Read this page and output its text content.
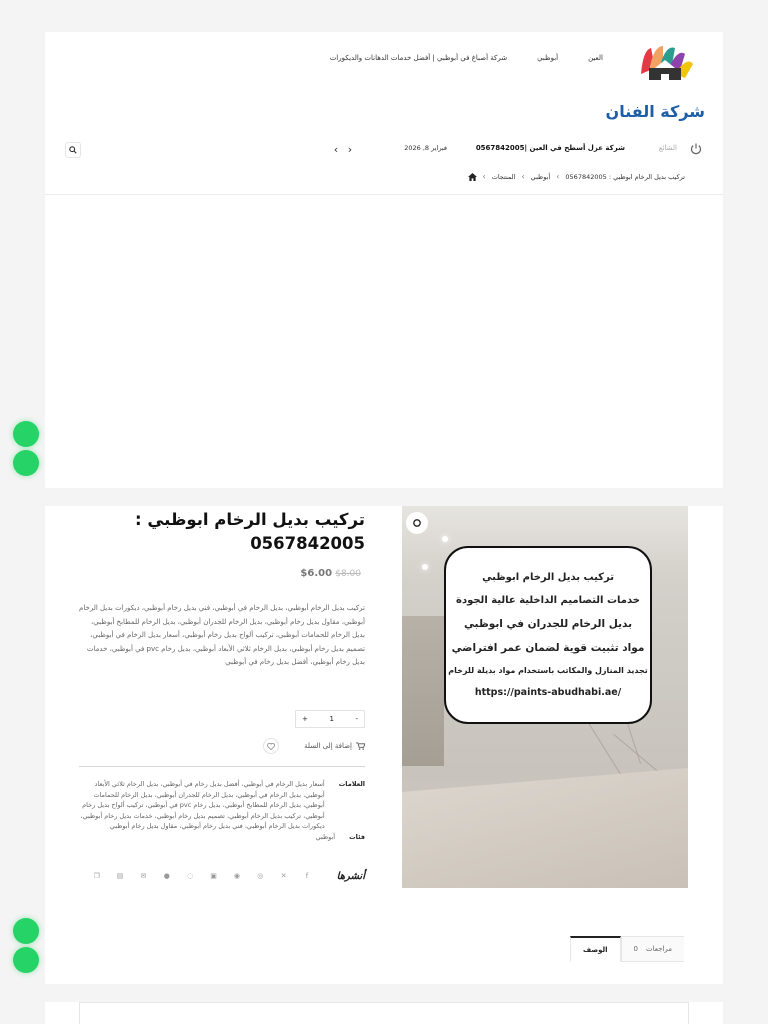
شركة الفنان
شركة أصباغ في أبوظبي | أفضل خدمات الدهانات والديكورات	أبوظبي	العين
‹ ›	فبراير 8, 2026	شركة عزل أسطح في العين |0567842005	الشائع
› المنتجات › أبوظبي › تركيب بديل الرخام ابوظبي : 0567842005
تركيب بديل الرخام ابوظبي
خدمات التصاميم الداخلية عالية الجودة
بديل الرخام للجدران في ابوظبي
مواد تثبيت قوية لضمان عمر افتراضي
تجديد المنازل والمكاتب باستخدام مواد بديلة للرخام
https://paints-abudhabi.ae/
تركيب بديل الرخام ابوظبي : 0567842005
$6.00 $8.00

تركيب بديل الرخام أبوظبي، بديل الرخام في أبوظبي، فني بديل رخام أبوظبي، ديكورات بديل الرخام أبوظبي، مقاول بديل رخام أبوظبي، بديل الرخام للجدران أبوظبي، بديل الرخام للمطابخ أبوظبي، بديل الرخام للحمامات أبوظبي، تركيب ألواح بديل رخام أبوظبي، أسعار بديل الرخام في أبوظبي، تصميم بديل رخام أبوظبي، بديل الرخام ثلاثي الأبعاد أبوظبي، بديل رخام pvc في أبوظبي، خدمات بديل رخام أبوظبي، أفضل بديل رخام في أبوظبي

+	1	-
إضافة إلى السلة
العلامات
أسعار بديل الرخام في أبوظبي، أفضل بديل رخام في أبوظبي، بديل الرخام ثلاثي الأبعاد أبوظبي، بديل الرخام في أبوظبي، بديل الرخام للجدران أبوظبي، بديل الرخام للحمامات أبوظبي، بديل الرخام للمطابخ أبوظبي، بديل رخام pvc في أبوظبي، تركيب ألواح بديل رخام أبوظبي، تركيب بديل الرخام أبوظبي، تصميم بديل رخام أبوظبي، خدمات بديل رخام أبوظبي، ديكورات بديل الرخام أبوظبي، فني بديل رخام أبوظبي، مقاول بديل رخام أبوظبي
فئات
أبوظبي
أنشرها
f
✕
◎
◉
▣
◌
●
✉
▤
❐
الوصف	مراجعات
0
